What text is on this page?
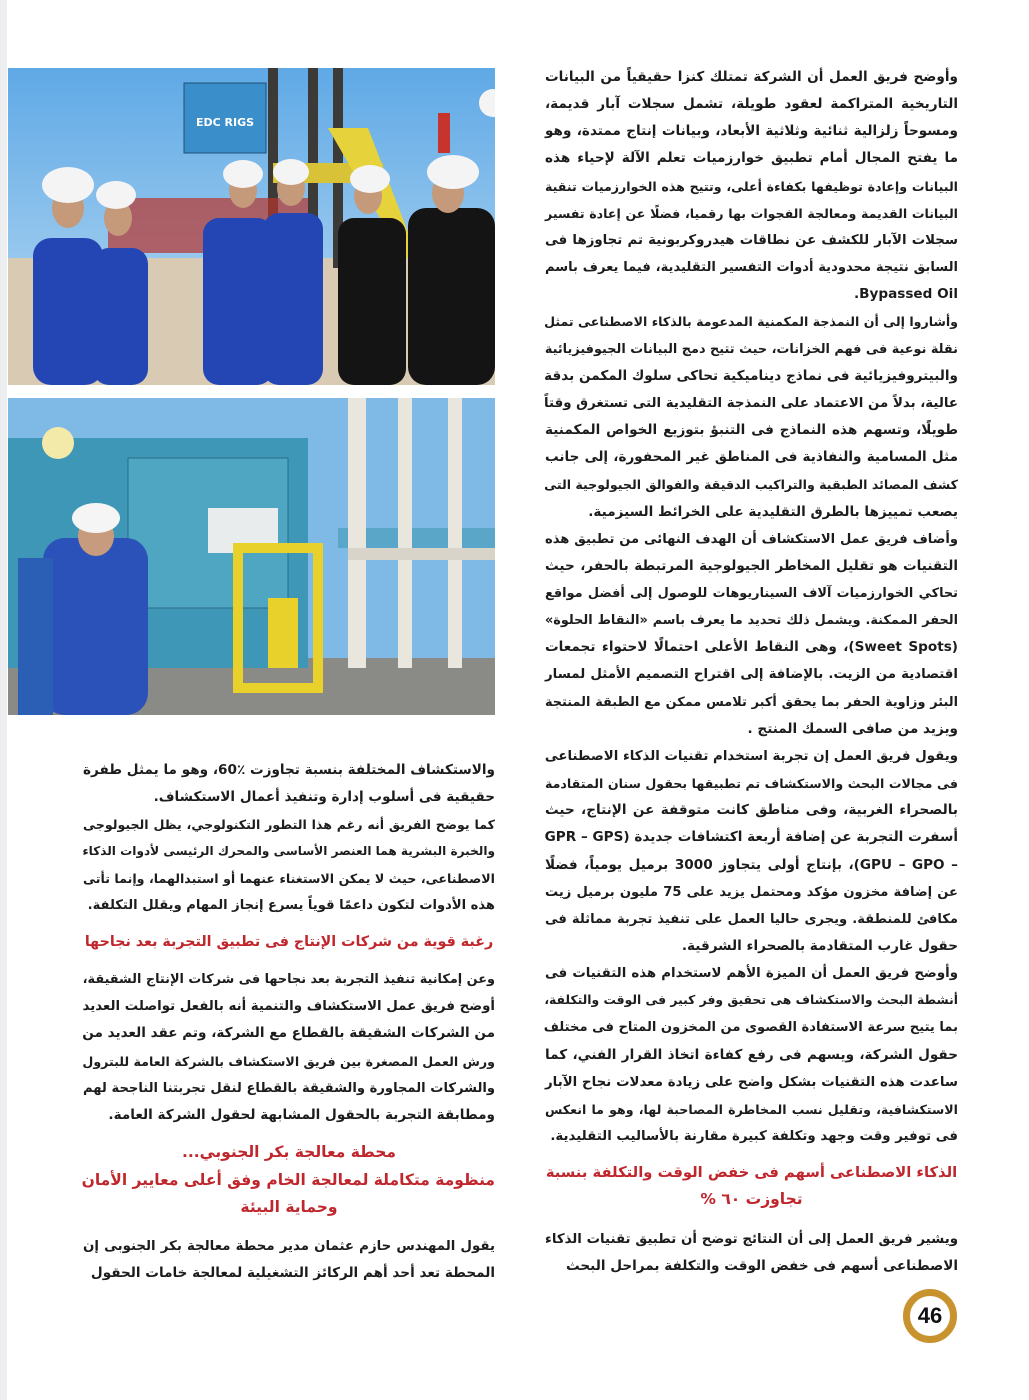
EDC RIGS
وأوضح فريق العمل أن الشركة تمتلك كنزا حقيقياً من البيانات
التاريخية المتراكمة لعقود طويلة، تشمل سجلات آبار قديمة،
ومسوحاً زلزالية ثنائية وثلاثية الأبعاد، وبيانات إنتاج ممتدة، وهو
ما يفتح المجال أمام تطبيق خوارزميات تعلم الآلة لإحياء هذه
البيانات وإعادة توظيفها بكفاءة أعلى، وتتيح هذه الخوارزميات تنقية
البيانات القديمة ومعالجة الفجوات بها رقميا، فضلًا عن إعادة تفسير
سجلات الآبار للكشف عن نطاقات هيدروكربونية تم تجاوزها فى
السابق نتيجة محدودية أدوات التفسير التقليدية، فيما يعرف باسم
Bypassed Oil.
وأشاروا إلى أن النمذجة المكمنية المدعومة بالذكاء الاصطناعى تمثل
نقلة نوعية فى فهم الخزانات، حيث تتيح دمج البيانات الجيوفيزيائية
والبيتروفيزيائية فى نماذج ديناميكية تحاكى سلوك المكمن بدقة
عالية، بدلاً من الاعتماد على النمذجة التقليدية التى تستغرق وقتاً
طويلًا، وتسهم هذه النماذج فى التنبؤ بتوزيع الخواص المكمنية
مثل المسامية والنفاذية فى المناطق غير المحفورة، إلى جانب
كشف المصائد الطبقية والتراكيب الدقيقة والفوالق الجيولوجية التى
يصعب تمييزها بالطرق التقليدية على الخرائط السيزمية.
وأضاف فريق عمل الاستكشاف أن الهدف النهائى من تطبيق هذه
التقنيات هو تقليل المخاطر الجيولوجية المرتبطة بالحفر، حيث
تحاكي الخوارزميات آلاف السيناريوهات للوصول إلى أفضل مواقع
الحفر الممكنة. ويشمل ذلك تحديد ما يعرف باسم «النقاط الحلوة»
(Sweet Spots)، وهى النقاط الأعلى احتمالًا لاحتواء تجمعات
اقتصادية من الزيت. بالإضافة إلى اقتراح التصميم الأمثل لمسار
البئر وزاوية الحفر بما يحقق أكبر تلامس ممكن مع الطبقة المنتجة
ويزيد من صافى السمك المنتج .
ويقول فريق العمل إن تجربة استخدام تقنيات الذكاء الاصطناعى
فى مجالات البحث والاستكشاف تم تطبيقها بحقول سنان المتقادمة
بالصحراء الغربية، وفى مناطق كانت متوقفة عن الإنتاج، حيث
أسفرت التجربة عن إضافة أربعة اكتشافات جديدة (GPR – GPS
– GPU – GPO)، بإنتاج أولى يتجاوز 3000 برميل يومياً، فضلًا
عن إضافة مخزون مؤكد ومحتمل يزيد على 75 مليون برميل زيت
مكافئ للمنطقة. ويجرى حاليا العمل على تنفيذ تجربة مماثلة فى
حقول غارب المتقادمة بالصحراء الشرقية.
وأوضح فريق العمل أن الميزة الأهم لاستخدام هذه التقنيات فى
أنشطة البحث والاستكشاف هى تحقيق وفر كبير فى الوقت والتكلفة،
بما يتيح سرعة الاستفادة القصوى من المخزون المتاح فى مختلف
حقول الشركة، ويسهم فى رفع كفاءة اتخاذ القرار الفني، كما
ساعدت هذه التقنيات بشكل واضح على زيادة معدلات نجاح الآبار
الاستكشافية، وتقليل نسب المخاطرة المصاحبة لها، وهو ما انعكس
فى توفير وقت وجهد وتكلفة كبيرة مقارنة بالأساليب التقليدية.
الذكاء الاصطناعى أسهم فى خفض الوقت والتكلفة بنسبة
تجاوزت ٦٠ %
ويشير فريق العمل إلى أن النتائج توضح أن تطبيق تقنيات الذكاء
الاصطناعى أسهم فى خفض الوقت والتكلفة بمراحل البحث
والاستكشاف المختلفة بنسبة تجاوزت ٪60، وهو ما يمثل طفرة
حقيقية فى أسلوب إدارة وتنفيذ أعمال الاستكشاف.
كما يوضح الفريق أنه رغم هذا التطور التكنولوجي، يظل الجيولوجى
والخبرة البشرية هما العنصر الأساسى والمحرك الرئيسى لأدوات الذكاء
الاصطناعى، حيث لا يمكن الاستغناء عنهما أو استبدالهما، وإنما تأتى
هذه الأدوات لتكون داعمًا قوياً يسرع إنجاز المهام ويقلل التكلفة.
رغبة قوية من شركات الإنتاج فى تطبيق التجربة بعد نجاحها
وعن إمكانية تنفيذ التجربة بعد نجاحها فى شركات الإنتاج الشقيقة،
أوضح فريق عمل الاستكشاف والتنمية أنه بالفعل تواصلت العديد
من الشركات الشقيقة بالقطاع مع الشركة، وتم عقد العديد من
ورش العمل المصغرة بين فريق الاستكشاف بالشركة العامة للبترول
والشركات المجاورة والشقيقة بالقطاع لنقل تجربتنا الناجحة لهم
ومطابقة التجربة بالحقول المشابهة لحقول الشركة العامة.
محطة معالجة بكر الجنوبي...
منظومة متكاملة لمعالجة الخام وفق أعلى معايير الأمان
وحماية البيئة
يقول المهندس حازم عثمان مدير محطة معالجة بكر الجنوبى إن
المحطة تعد أحد أهم الركائز التشغيلية لمعالجة خامات الحقول
46
